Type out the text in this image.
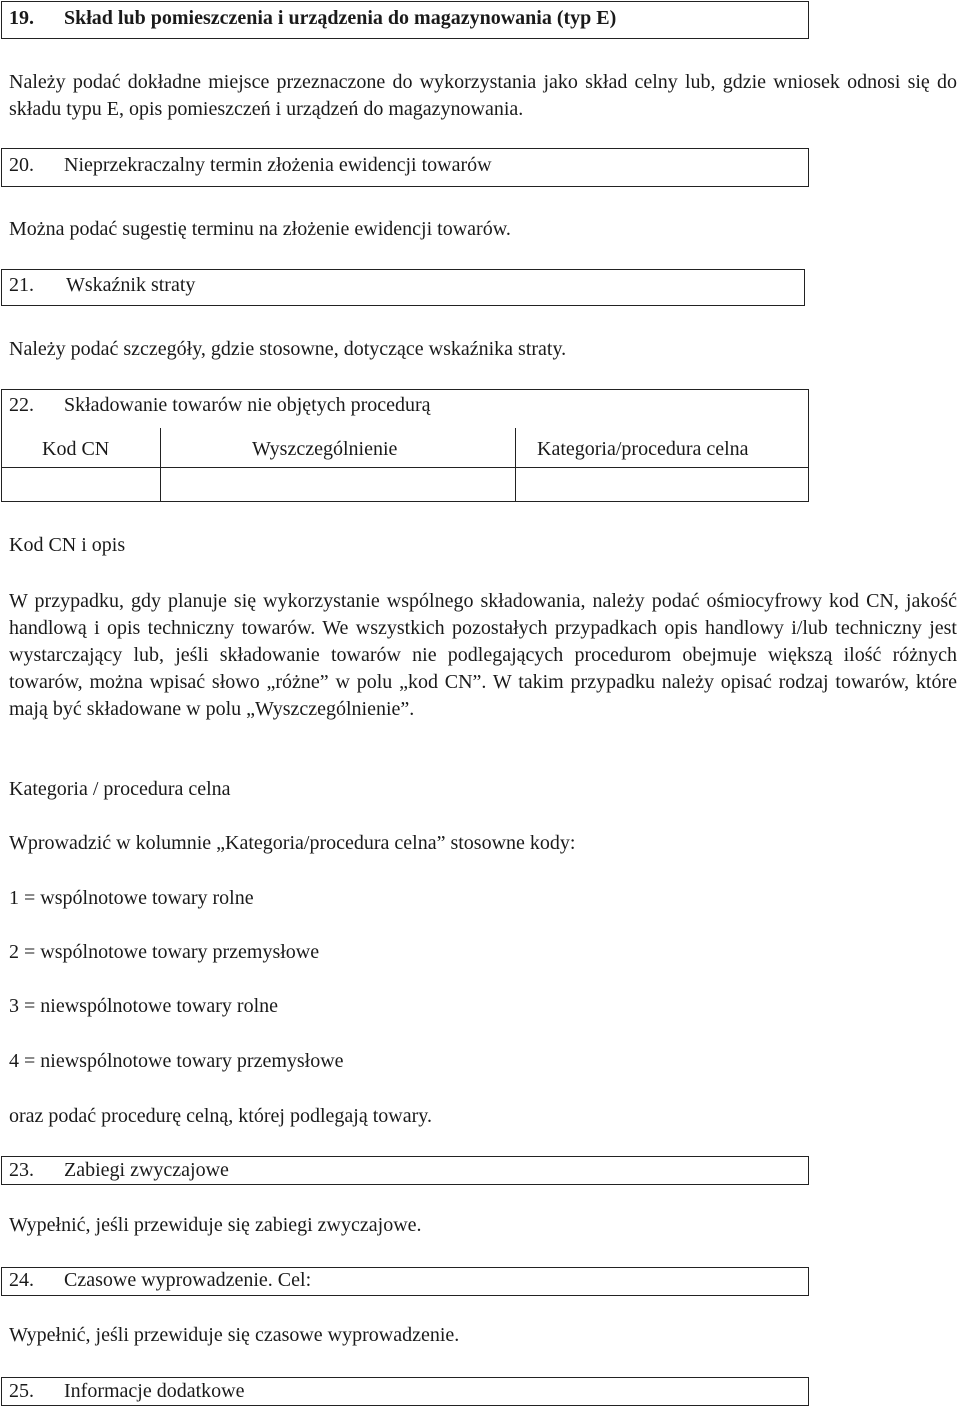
19. Skład lub pomieszczenia i urządzenia do magazynowania (typ E)
Należy podać dokładne miejsce przeznaczone do wykorzystania jako skład celny lub, gdzie wniosek odnosi się do składu typu E, opis pomieszczeń i urządzeń do magazynowania.
20. Nieprzekraczalny termin złożenia ewidencji towarów
Można podać sugestię terminu na złożenie ewidencji towarów.
21. Wskaźnik straty
Należy podać szczegóły, gdzie stosowne, dotyczące wskaźnika straty.
22. Składowanie towarów nie objętych procedurą
Kod CN	Wyszczególnienie	Kategoria/procedura celna
Kod CN i opis
W przypadku, gdy planuje się wykorzystanie wspólnego składowania, należy podać ośmiocyfrowy kod CN, jakość handlową i opis techniczny towarów. We wszystkich pozostałych przypadkach opis handlowy i/lub techniczny jest wystarczający lub, jeśli składowanie towarów nie podlegających procedurom obejmuje większą ilość różnych towarów, można wpisać słowo „różne” w polu „kod CN”. W takim przypadku należy opisać rodzaj towarów, które mają być składowane w polu „Wyszczególnienie”.
Kategoria / procedura celna
Wprowadzić w kolumnie „Kategoria/procedura celna” stosowne kody:
1 = wspólnotowe towary rolne
2 = wspólnotowe towary przemysłowe
3 = niewspólnotowe towary rolne
4 = niewspólnotowe towary przemysłowe
oraz podać procedurę celną, której podlegają towary.
23. Zabiegi zwyczajowe
Wypełnić, jeśli przewiduje się zabiegi zwyczajowe.
24. Czasowe wyprowadzenie. Cel:
Wypełnić, jeśli przewiduje się czasowe wyprowadzenie.
25. Informacje dodatkowe
